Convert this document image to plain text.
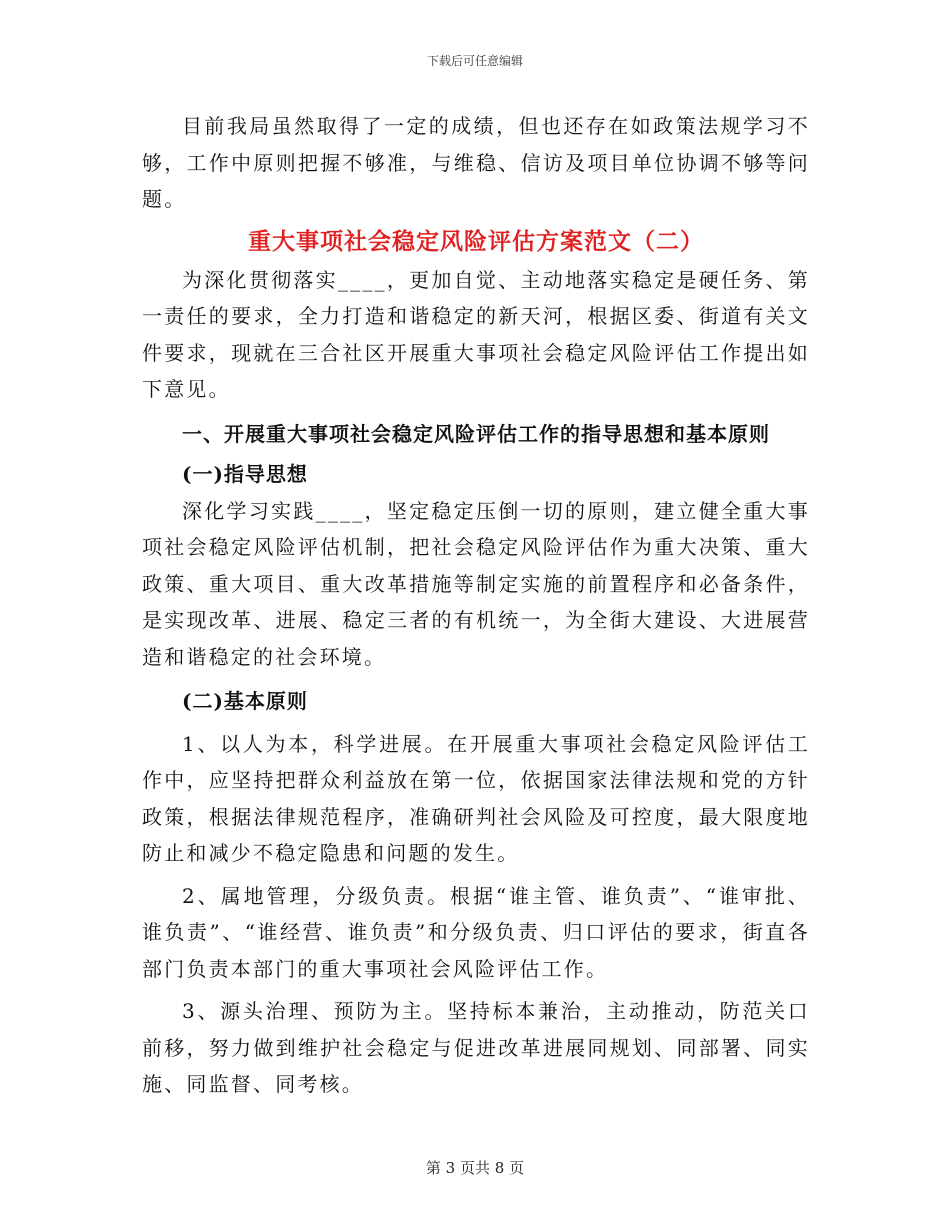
下载后可任意编辑

目前我局虽然取得了一定的成绩，但也还存在如政策法规学习不够，工作中原则把握不够准，与维稳、信访及项目单位协调不够等问题。

重大事项社会稳定风险评估方案范文（二）

为深化贯彻落实____，更加自觉、主动地落实稳定是硬任务、第一责任的要求，全力打造和谐稳定的新天河，根据区委、街道有关文件要求，现就在三合社区开展重大事项社会稳定风险评估工作提出如下意见。

一、开展重大事项社会稳定风险评估工作的指导思想和基本原则
(一)指导思想

深化学习实践____，坚定稳定压倒一切的原则，建立健全重大事项社会稳定风险评估机制，把社会稳定风险评估作为重大决策、重大政策、重大项目、重大改革措施等制定实施的前置程序和必备条件，是实现改革、进展、稳定三者的有机统一，为全街大建设、大进展营造和谐稳定的社会环境。

(二)基本原则

1、以人为本，科学进展。在开展重大事项社会稳定风险评估工作中，应坚持把群众利益放在第一位，依据国家法律法规和党的方针政策，根据法律规范程序，准确研判社会风险及可控度，最大限度地防止和减少不稳定隐患和问题的发生。

2、属地管理，分级负责。根据“谁主管、谁负责”、“谁审批、谁负责”、“谁经营、谁负责”和分级负责、归口评估的要求，街直各部门负责本部门的重大事项社会风险评估工作。

3、源头治理、预防为主。坚持标本兼治，主动推动，防范关口前移，努力做到维护社会稳定与促进改革进展同规划、同部署、同实施、同监督、同考核。

第 3 页共 8 页
